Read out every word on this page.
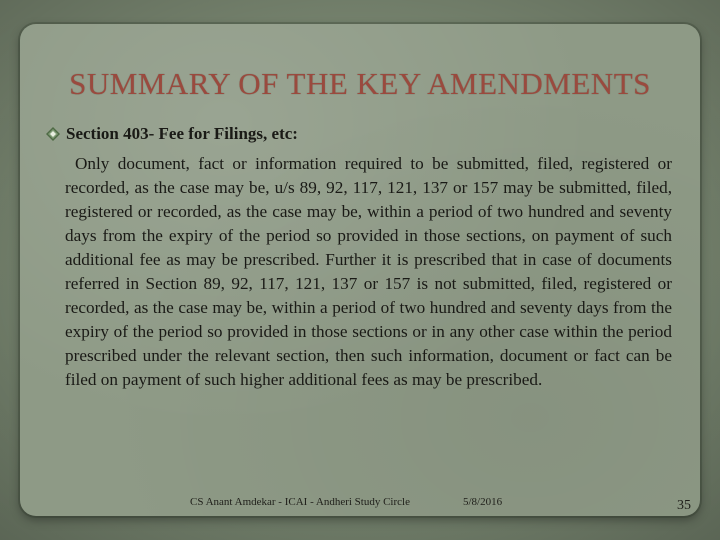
SUMMARY OF THE KEY AMENDMENTS
Section 403- Fee for Filings, etc:

Only document, fact or information required to be submitted, filed, registered or recorded, as the case may be, u/s 89, 92, 117, 121, 137 or 157 may be submitted, filed, registered or recorded, as the case may be, within a period of two hundred and seventy days from the expiry of the period so provided in those sections, on payment of such additional fee as may be prescribed. Further it is prescribed that in case of documents referred in Section 89, 92, 117, 121, 137 or 157 is not submitted, filed, registered or recorded, as the case may be, within a period of two hundred and seventy days from the expiry of the period so provided in those sections or in any other case within the period prescribed under the relevant section, then such information, document or fact can be filed on payment of such higher additional fees as may be prescribed.

CS Anant Amdekar - ICAI - Andheri Study Circle	5/8/2016	35
